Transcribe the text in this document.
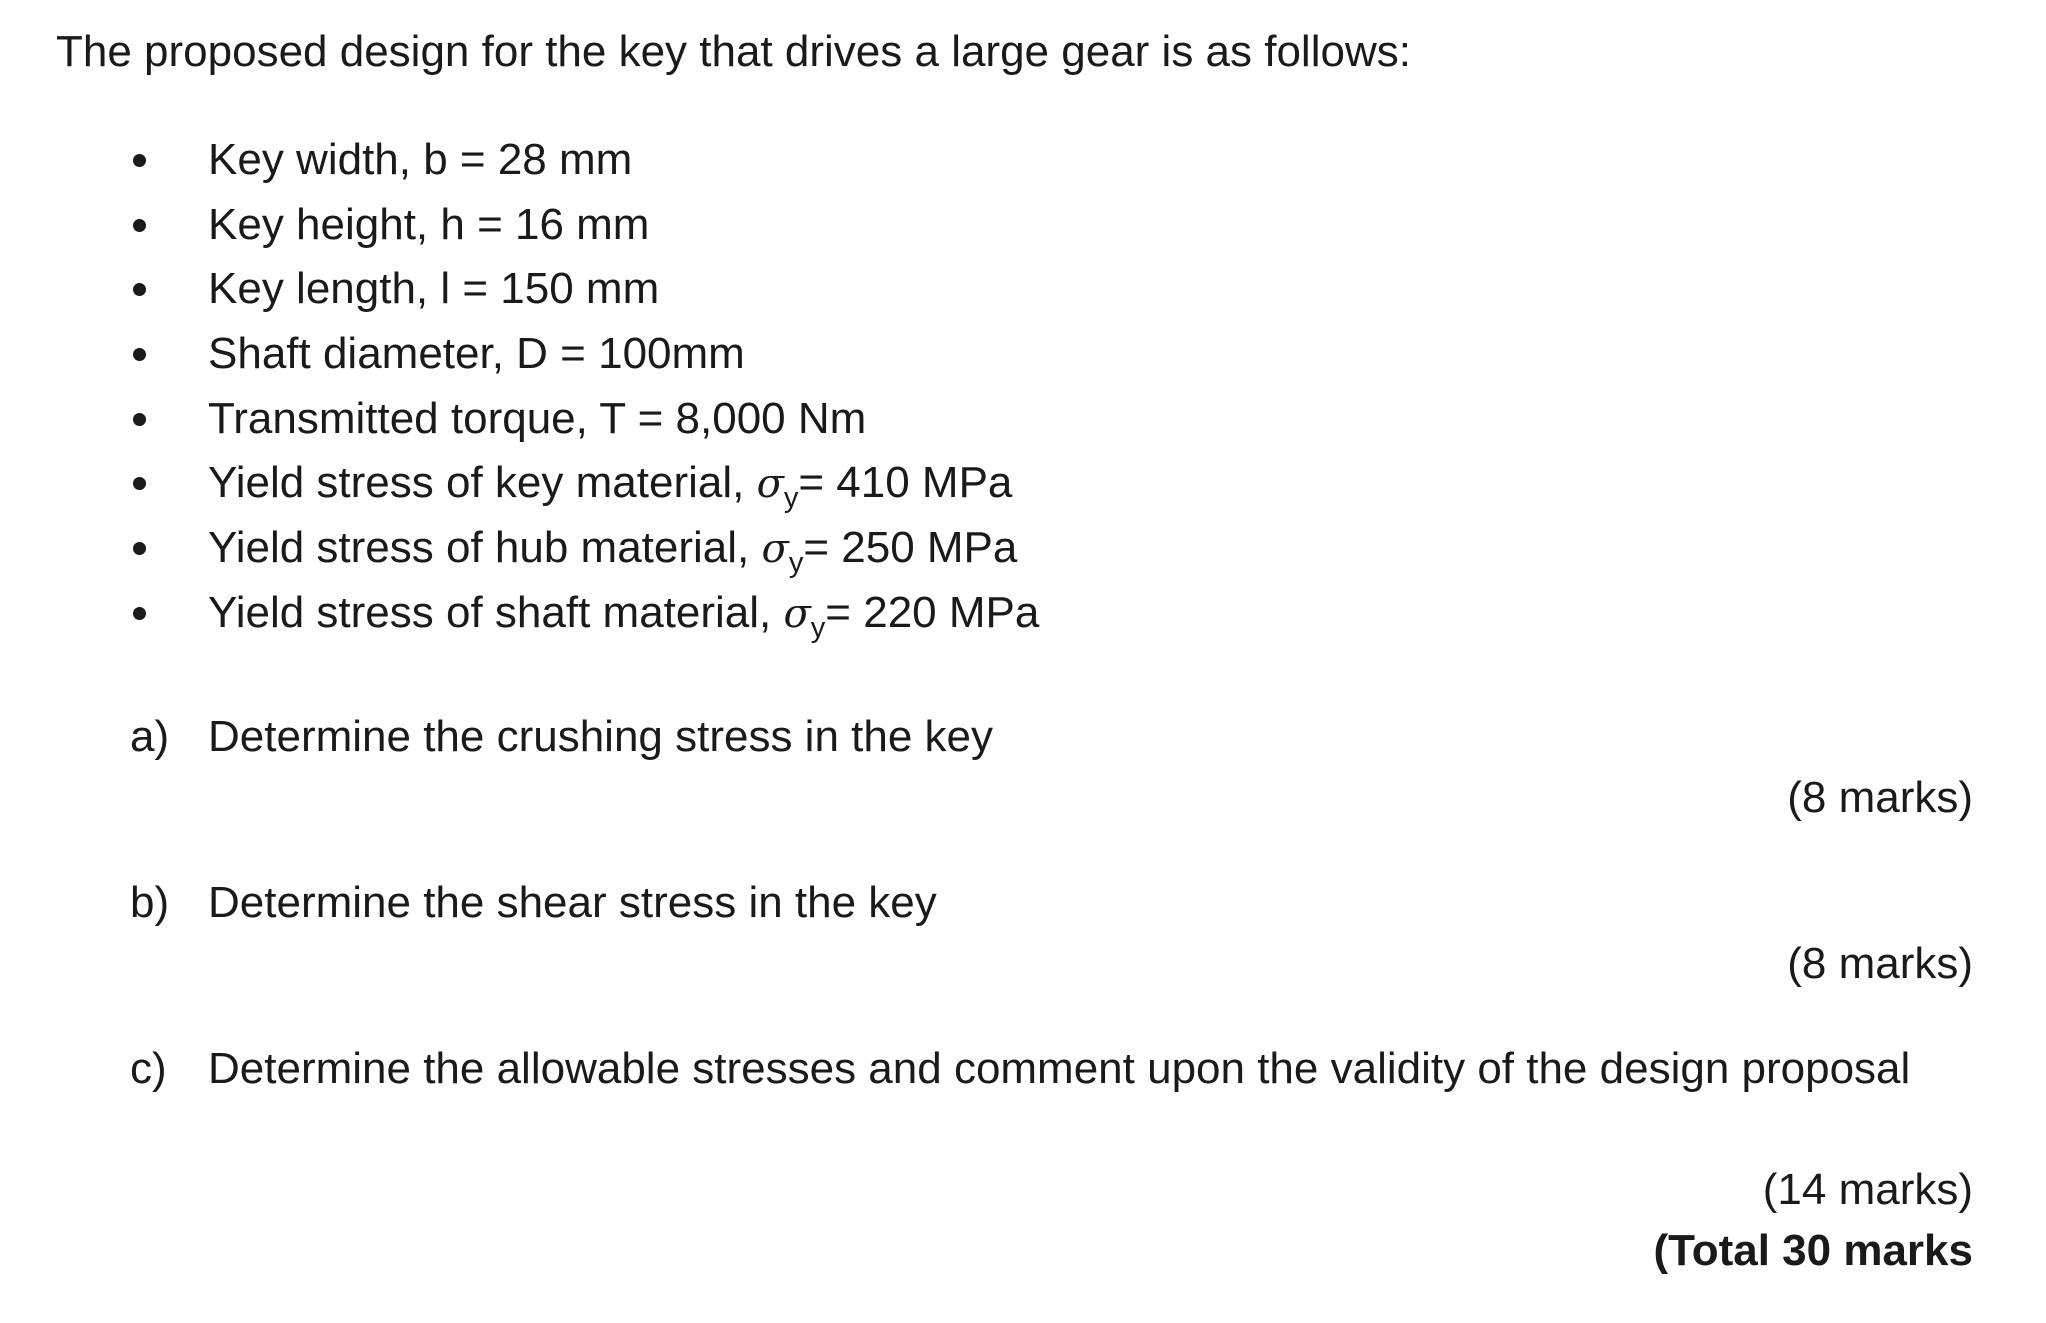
The proposed design for the key that drives a large gear is as follows:
Key width, b = 28 mm
Key height, h = 16 mm
Key length, l = 150 mm
Shaft diameter, D = 100mm
Transmitted torque, T = 8,000 Nm
Yield stress of key material, $\sigma_y= 410$ MPa
Yield stress of hub material, $\sigma_y= 250$ MPa
Yield stress of shaft material, $\sigma_y= 220$ MPa
a) Determine the crushing stress in the key
(8 marks)
b) Determine the shear stress in the key
(8 marks)
c) Determine the allowable stresses and comment upon the validity of the design proposal
(14 marks)
(Total 30 marks
